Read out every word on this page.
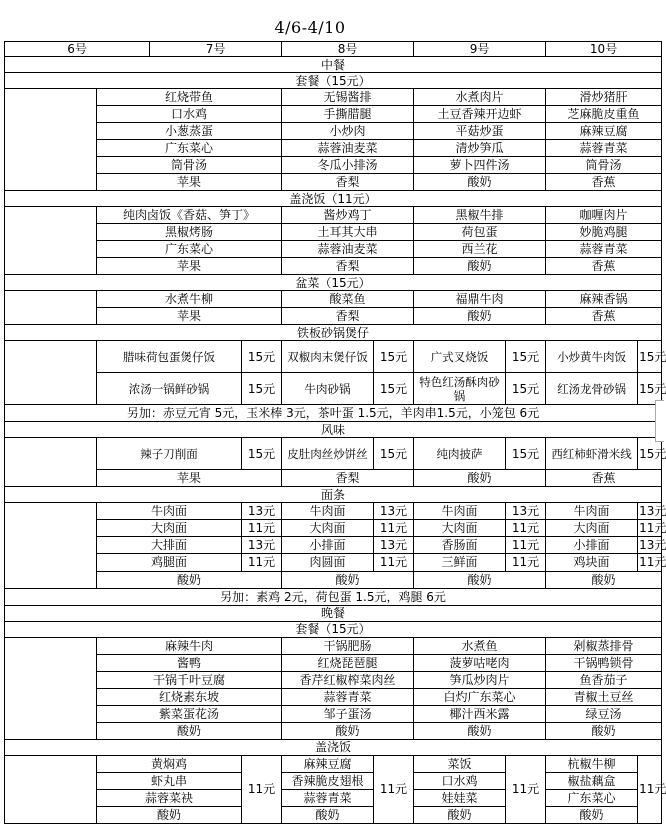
4/6-4/10
6号		7号		8号		9号		10号	
中餐									
套餐（15元）									
	红烧带鱼			无锡酱排		水煮肉片		滑炒猪肝	
	口水鸡			手撕腊腿		土豆香辣开边虾		芝麻脆皮重鱼	
	小葱蒸蛋			小炒肉		平菇炒蛋		麻辣豆腐	
	广东菜心			蒜蓉油麦菜		清炒笋瓜		蒜蓉青菜	
	筒骨汤			冬瓜小排汤		萝卜四件汤		筒骨汤	
	苹果			香梨		酸奶		香蕉	
盖浇饭（11元）									
	纯肉卤饭《香菇、笋丁》			酱炒鸡丁		黑椒牛排		咖喱肉片	
	黑椒烤肠			土耳其大串		荷包蛋		妙脆鸡腿	
	广东菜心			蒜蓉油麦菜		西兰花		蒜蓉青菜	
	苹果			香梨		酸奶		香蕉	
盆菜（15元）									
	水煮牛柳			酸菜鱼		福鼎牛肉		麻辣香锅	
	苹果			香梨		酸奶		香蕉	
铁板砂锅煲仔									
	腊味荷包蛋煲仔饭		15元	双椒肉末煲仔饭	15元	广式叉烧饭	15元	小炒黄牛肉饭	15元
	浓汤一锅鲜砂锅		15元	牛肉砂锅	15元	特色红汤酥肉砂锅	15元	红汤龙骨砂锅	15元
另加：赤豆元宵 5元，玉米棒 3元，茶叶蛋 1.5元，羊肉串1.5元，小笼包 6元									
风味									
	辣子刀削面		15元	皮肚肉丝炒饼丝	15元	纯肉披萨	15元	西红柿虾滑米线	15元
	苹果			香梨		酸奶		香蕉	
面条									
	牛肉面		13元	牛肉面	13元	牛肉面	13元	牛肉面	13元
	大肉面		11元	大肉面	11元	大肉面	11元	大肉面	11元
	大排面		13元	小排面	13元	香肠面	11元	小排面	13元
	鸡腿面		11元	肉圆面	11元	三鲜面	11元	鸡块面	11元
	酸奶			酸奶		酸奶		酸奶	
另加：素鸡 2元，荷包蛋 1.5元，鸡腿 6元									
晚餐									
套餐（15元）									
	麻辣牛肉			干锅肥肠		水煮鱼		剁椒蒸排骨	
	酱鸭			红烧琵琶腿		菠萝咕咾肉		干锅鸭锁骨	
	干锅千叶豆腐			香芹红椒榨菜肉丝		笋瓜炒肉片		鱼香茄子	
	红烧素东坡			蒜蓉青菜		白灼广东菜心		青椒土豆丝	
	紫菜蛋花汤			邹子蛋汤		椰汁西米露		绿豆汤	
	酸奶			酸奶		酸奶		酸奶	
盖浇饭									
	黄焖鸡		11元	麻辣豆腐	11元	菜饭	11元	杭椒牛柳	11元
	虾丸串			香辣脆皮翅根		口水鸡		椒盐藕盒	
	蒜蓉菜袂			蒜蓉青菜		娃娃菜		广东菜心	
	酸奶			酸奶		酸奶		酸奶	
